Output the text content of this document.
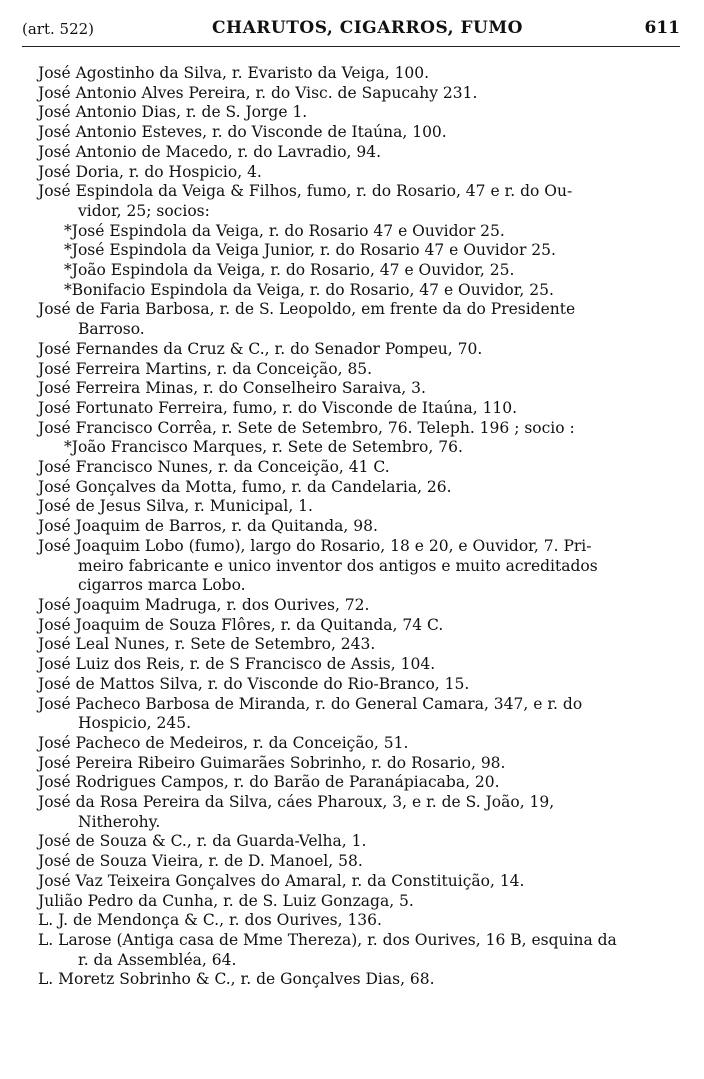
(art. 522)	CHARUTOS, CIGARROS, FUMO	611
José Agostinho da Silva, r. Evaristo da Veiga, 100.
José Antonio Alves Pereira, r. do Visc. de Sapucahy 231.
José Antonio Dias, r. de S. Jorge 1.
José Antonio Esteves, r. do Visconde de Itaúna, 100.
José Antonio de Macedo, r. do Lavradio, 94.
José Doria, r. do Hospicio, 4.
José Espindola da Veiga & Filhos, fumo, r. do Rosario, 47 e r. do Ou-
vidor, 25; socios:
*José Espindola da Veiga, r. do Rosario 47 e Ouvidor 25.
*José Espindola da Veiga Junior, r. do Rosario 47 e Ouvidor 25.
*João Espindola da Veiga, r. do Rosario, 47 e Ouvidor, 25.
*Bonifacio Espindola da Veiga, r. do Rosario, 47 e Ouvidor, 25.
José de Faria Barbosa, r. de S. Leopoldo, em frente da do Presidente
Barroso.
José Fernandes da Cruz & C., r. do Senador Pompeu, 70.
José Ferreira Martins, r. da Conceição, 85.
José Ferreira Minas, r. do Conselheiro Saraiva, 3.
José Fortunato Ferreira, fumo, r. do Visconde de Itaúna, 110.
José Francisco Corrêa, r. Sete de Setembro, 76. Teleph. 196 ; socio :
*João Francisco Marques, r. Sete de Setembro, 76.
José Francisco Nunes, r. da Conceição, 41 C.
José Gonçalves da Motta, fumo, r. da Candelaria, 26.
José de Jesus Silva, r. Municipal, 1.
José Joaquim de Barros, r. da Quitanda, 98.
José Joaquim Lobo (fumo), largo do Rosario, 18 e 20, e Ouvidor, 7. Pri-
meiro fabricante e unico inventor dos antigos e muito acreditados
cigarros marca Lobo.
José Joaquim Madruga, r. dos Ourives, 72.
José Joaquim de Souza Flôres, r. da Quitanda, 74 C.
José Leal Nunes, r. Sete de Setembro, 243.
José Luiz dos Reis, r. de S Francisco de Assis, 104.
José de Mattos Silva, r. do Visconde do Rio-Branco, 15.
José Pacheco Barbosa de Miranda, r. do General Camara, 347, e r. do
Hospicio, 245.
José Pacheco de Medeiros, r. da Conceição, 51.
José Pereira Ribeiro Guimarães Sobrinho, r. do Rosario, 98.
José Rodrigues Campos, r. do Barão de Paranápiacaba, 20.
José da Rosa Pereira da Silva, cáes Pharoux, 3, e r. de S. João, 19,
Nitherohy.
José de Souza & C., r. da Guarda-Velha, 1.
José de Souza Vieira, r. de D. Manoel, 58.
José Vaz Teixeira Gonçalves do Amaral, r. da Constituição, 14.
Julião Pedro da Cunha, r. de S. Luiz Gonzaga, 5.
L. J. de Mendonça & C., r. dos Ourives, 136.
L. Larose (Antiga casa de Mme Thereza), r. dos Ourives, 16 B, esquina da
r. da Assembléa, 64.
L. Moretz Sobrinho & C., r. de Gonçalves Dias, 68.
